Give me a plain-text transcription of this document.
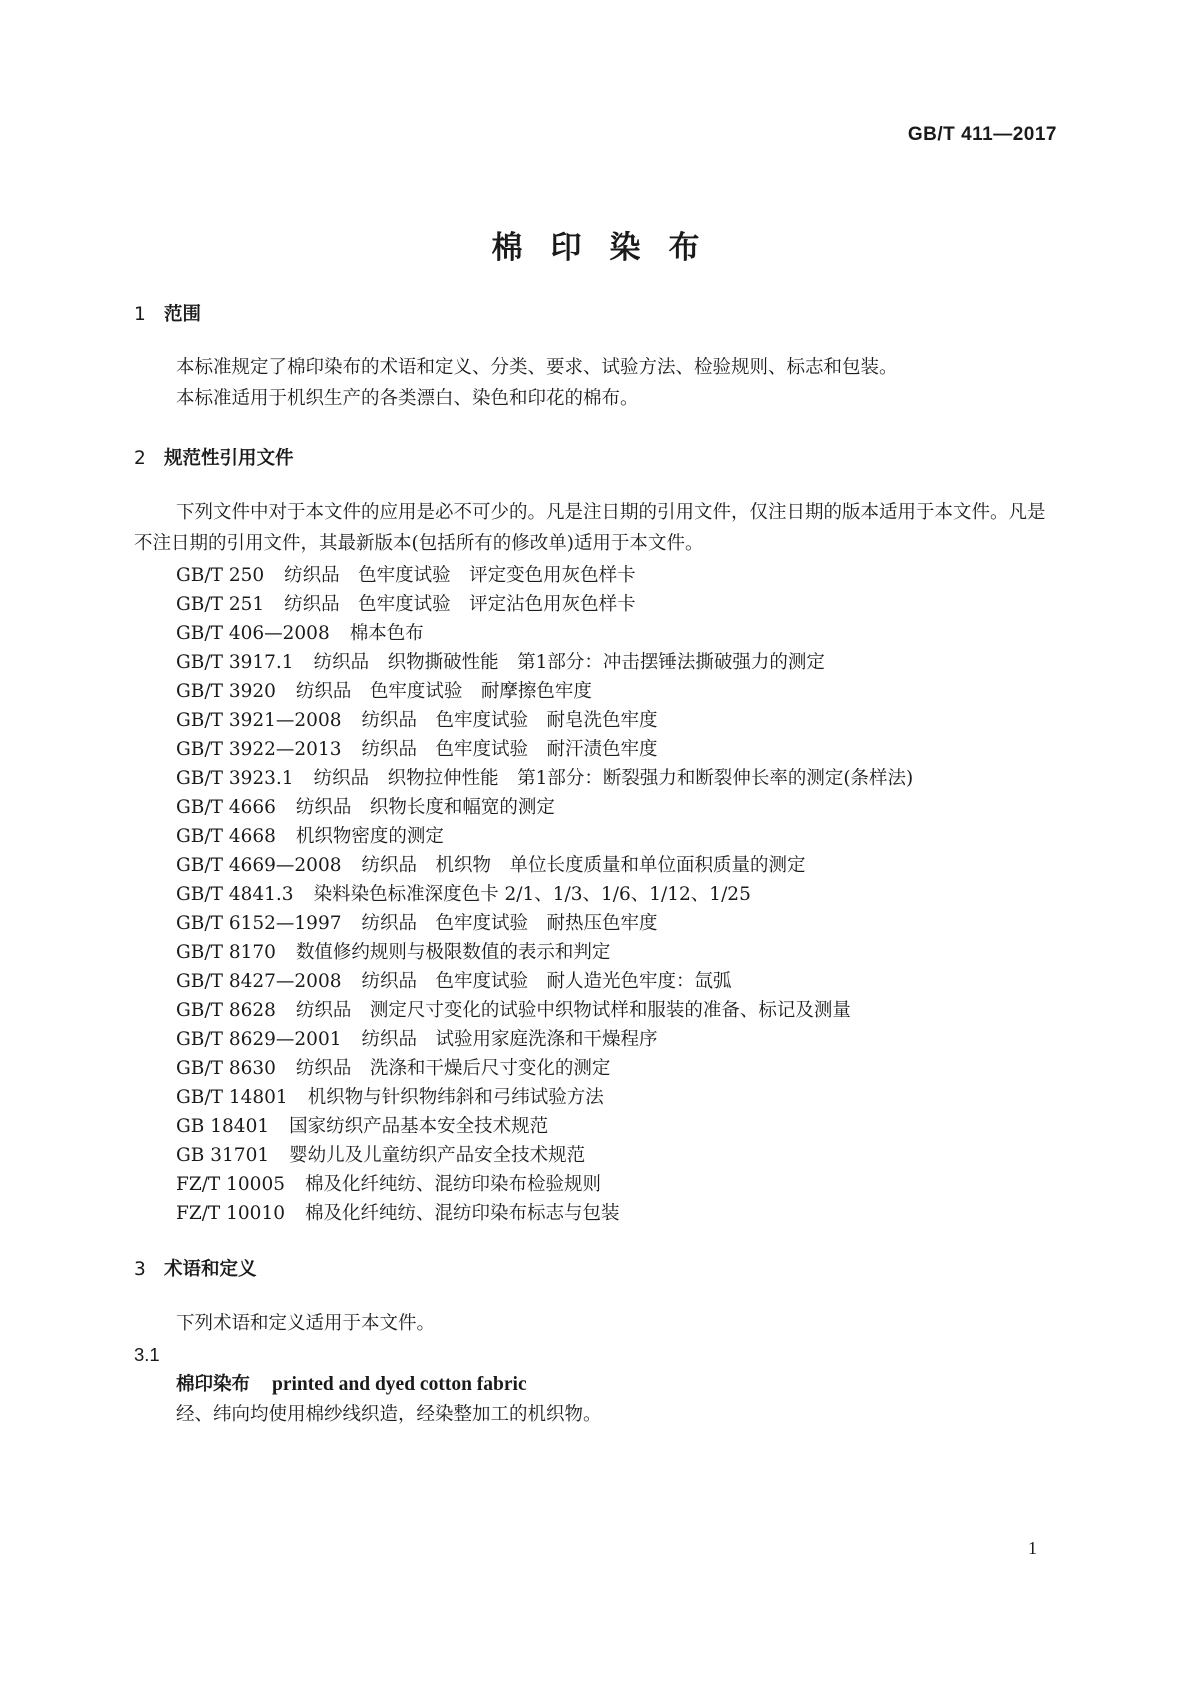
GB/T 411—2017
棉印染布
1 范围

本标准规定了棉印染布的术语和定义、分类、要求、试验方法、检验规则、标志和包装。

本标准适用于机织生产的各类漂白、染色和印花的棉布。

2 规范性引用文件

下列文件中对于本文件的应用是必不可少的。凡是注日期的引用文件，仅注日期的版本适用于本文件。凡是不注日期的引用文件，其最新版本(包括所有的修改单)适用于本文件。

GB/T 250 纺织品　色牢度试验　评定变色用灰色样卡
GB/T 251 纺织品　色牢度试验　评定沾色用灰色样卡
GB/T 406—2008 棉本色布
GB/T 3917.1 纺织品　织物撕破性能　第1部分：冲击摆锤法撕破强力的测定
GB/T 3920 纺织品　色牢度试验　耐摩擦色牢度
GB/T 3921—2008 纺织品　色牢度试验　耐皂洗色牢度
GB/T 3922—2013 纺织品　色牢度试验　耐汗渍色牢度
GB/T 3923.1 纺织品　织物拉伸性能　第1部分：断裂强力和断裂伸长率的测定(条样法)
GB/T 4666 纺织品　织物长度和幅宽的测定
GB/T 4668 机织物密度的测定
GB/T 4669—2008 纺织品　机织物　单位长度质量和单位面积质量的测定
GB/T 4841.3 染料染色标准深度色卡 2/1、1/3、1/6、1/12、1/25
GB/T 6152—1997 纺织品　色牢度试验　耐热压色牢度
GB/T 8170 数值修约规则与极限数值的表示和判定
GB/T 8427—2008 纺织品　色牢度试验　耐人造光色牢度：氙弧
GB/T 8628 纺织品　测定尺寸变化的试验中织物试样和服装的准备、标记及测量
GB/T 8629—2001 纺织品　试验用家庭洗涤和干燥程序
GB/T 8630 纺织品　洗涤和干燥后尺寸变化的测定
GB/T 14801 机织物与针织物纬斜和弓纬试验方法
GB 18401 国家纺织产品基本安全技术规范
GB 31701 婴幼儿及儿童纺织产品安全技术规范
FZ/T 10005 棉及化纤纯纺、混纺印染布检验规则
FZ/T 10010 棉及化纤纯纺、混纺印染布标志与包装
3 术语和定义

下列术语和定义适用于本文件。

3.1
棉印染布 printed and dyed cotton fabric
经、纬向均使用棉纱线织造，经染整加工的机织物。
1
